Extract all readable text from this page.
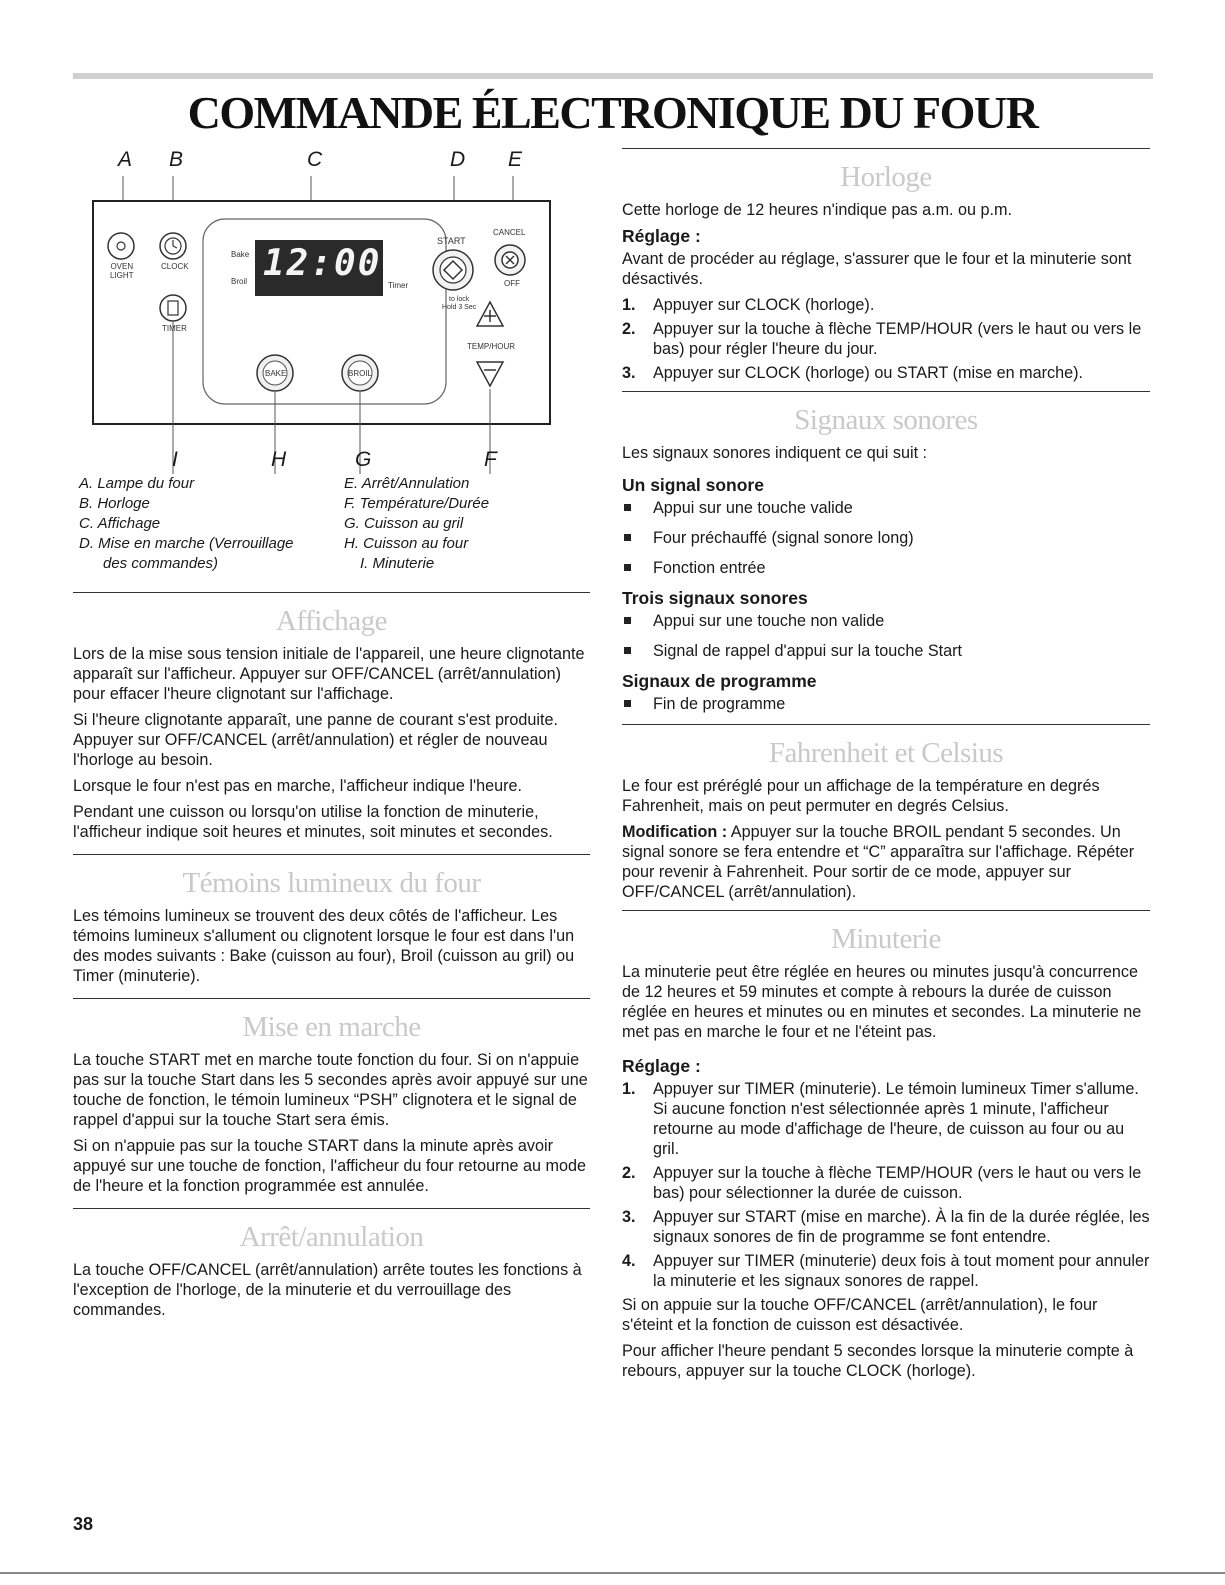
COMMANDE ÉLECTRONIQUE DU FOUR
A B	C	D E
OVEN
LIGHT
CLOCK
TIMER
Bake
Broil	Timer
12:00
START
CANCEL
OFF
to lock
Hold 3 Sec
TEMP/HOUR
BAKE	BROIL
I	H	G	F
A. Lampe du four
B. Horloge
C. Affichage
D. Mise en marche (Verrouillage
des commandes)
E. Arrêt/Annulation
F. Température/Durée
G. Cuisson au gril
H. Cuisson au four
I. Minuterie
Affichage

Lors de la mise sous tension initiale de l'appareil, une heure clignotante apparaît sur l'afficheur. Appuyer sur OFF/CANCEL (arrêt/annulation) pour effacer l'heure clignotant sur l'affichage.

Si l'heure clignotante apparaît, une panne de courant s'est produite. Appuyer sur OFF/CANCEL (arrêt/annulation) et régler de nouveau l'horloge au besoin.

Lorsque le four n'est pas en marche, l'afficheur indique l'heure.

Pendant une cuisson ou lorsqu'on utilise la fonction de minuterie, l'afficheur indique soit heures et minutes, soit minutes et secondes.

Témoins lumineux du four

Les témoins lumineux se trouvent des deux côtés de l'afficheur. Les témoins lumineux s'allument ou clignotent lorsque le four est dans l'un des modes suivants : Bake (cuisson au four), Broil (cuisson au gril) ou Timer (minuterie).

Mise en marche

La touche START met en marche toute fonction du four. Si on n'appuie pas sur la touche Start dans les 5 secondes après avoir appuyé sur une touche de fonction, le témoin lumineux “PSH” clignotera et le signal de rappel d'appui sur la touche Start sera émis.

Si on n'appuie pas sur la touche START dans la minute après avoir appuyé sur une touche de fonction, l'afficheur du four retourne au mode de l'heure et la fonction programmée est annulée.

Arrêt/annulation

La touche OFF/CANCEL (arrêt/annulation) arrête toutes les fonctions à l'exception de l'horloge, de la minuterie et du verrouillage des commandes.

Horloge

Cette horloge de 12 heures n'indique pas a.m. ou p.m.

Réglage :

Avant de procéder au réglage, s'assurer que le four et la minuterie sont désactivés.

1. Appuyer sur CLOCK (horloge).
2. Appuyer sur la touche à flèche TEMP/HOUR (vers le haut ou vers le bas) pour régler l'heure du jour.
3. Appuyer sur CLOCK (horloge) ou START (mise en marche).
Signaux sonores

Les signaux sonores indiquent ce qui suit :

Un signal sonore
Appui sur une touche valide
Four préchauffé (signal sonore long)
Fonction entrée
Trois signaux sonores
Appui sur une touche non valide
Signal de rappel d'appui sur la touche Start
Signaux de programme
Fin de programme
Fahrenheit et Celsius

Le four est préréglé pour un affichage de la température en degrés Fahrenheit, mais on peut permuter en degrés Celsius.

Modification : Appuyer sur la touche BROIL pendant 5 secondes. Un signal sonore se fera entendre et “C” apparaîtra sur l'affichage. Répéter pour revenir à Fahrenheit. Pour sortir de ce mode, appuyer sur OFF/CANCEL (arrêt/annulation).

Minuterie

La minuterie peut être réglée en heures ou minutes jusqu'à concurrence de 12 heures et 59 minutes et compte à rebours la durée de cuisson réglée en heures et minutes ou en minutes et secondes. La minuterie ne met pas en marche le four et ne l'éteint pas.

Réglage :
1. Appuyer sur TIMER (minuterie). Le témoin lumineux Timer s'allume. Si aucune fonction n'est sélectionnée après 1 minute, l'afficheur retourne au mode d'affichage de l'heure, de cuisson au four ou au gril.
2. Appuyer sur la touche à flèche TEMP/HOUR (vers le haut ou vers le bas) pour sélectionner la durée de cuisson.
3. Appuyer sur START (mise en marche). À la fin de la durée réglée, les signaux sonores de fin de programme se font entendre.
4. Appuyer sur TIMER (minuterie) deux fois à tout moment pour annuler la minuterie et les signaux sonores de rappel.

Si on appuie sur la touche OFF/CANCEL (arrêt/annulation), le four s'éteint et la fonction de cuisson est désactivée.

Pour afficher l'heure pendant 5 secondes lorsque la minuterie compte à rebours, appuyer sur la touche CLOCK (horloge).

38
